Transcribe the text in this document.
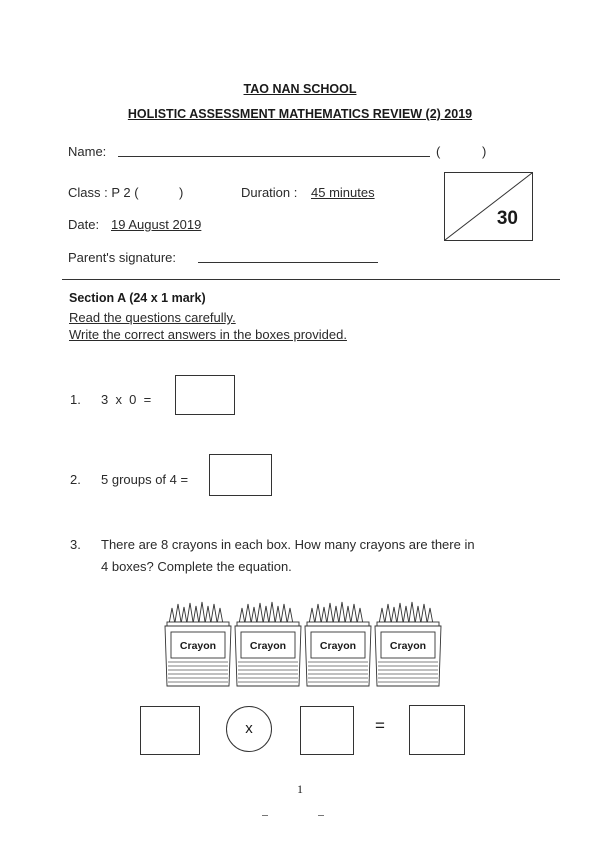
TAO NAN SCHOOL
HOLISTIC ASSESSMENT MATHEMATICS REVIEW (2) 2019
Name:	(	)
Class : P 2 (	)	Duration : 45 minutes
Date: 19 August 2019
Parent's signature:
30
Section A (24 x 1 mark)
Read the questions carefully.
Write the correct answers in the boxes provided.
1. 3  x  0  =
2. 5 groups of 4 =
3. There are 8 crayons in each box. How many crayons are there in
4 boxes? Complete the equation.
Crayon	Crayon	Crayon	Crayon
x	=
1
